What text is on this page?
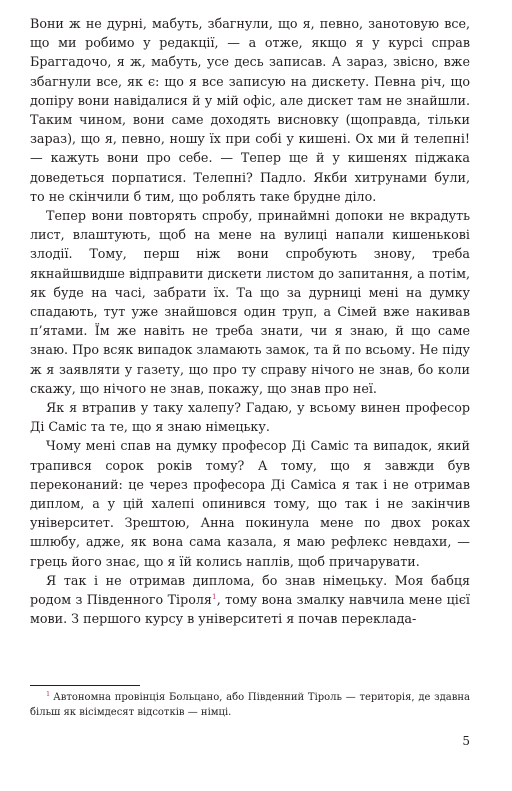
Вони ж не дурні, мабуть, збагнули, що я, певно, занотовую все, що ми робимо у редакції, — а отже, якщо я у курсі справ Браггадочо, я ж, мабуть, усе десь записав. А зараз, звісно, вже збагнули все, як є: що я все записую на дискету. Певна річ, що допіру вони навідалися й у мій офіс, але дискет там не знайшли. Таким чином, вони саме доходять висновку (щоправда, тільки зараз), що я, певно, ношу їх при собі у кишені. Ох ми й телепні! — кажуть вони про себе. — Тепер ще й у кишенях піджака доведеться порпатися. Телепні? Падло. Якби хитрунами були, то не скінчили б тим, що роблять таке брудне діло.

Тепер вони повторять спробу, принаймні допоки не вкрадуть лист, влаштують, щоб на мене на вулиці напали кишенькові злодії. Тому, перш ніж вони спробують знову, треба якнайшвидше відправити дискети листом до запитання, а потім, як буде на часі, забрати їх. Та що за дурниці мені на думку спадають, тут уже знайшовся один труп, а Сімей вже накивав п’ятами. Їм же навіть не треба знати, чи я знаю, й що саме знаю. Про всяк випадок зламають замок, та й по всьому. Не піду ж я заявляти у газету, що про ту справу нічого не знав, бо коли скажу, що нічого не знав, покажу, що знав про неї.

Як я втрапив у таку халепу? Гадаю, у всьому винен професор Ді Саміс та те, що я знаю німецьку.

Чому мені спав на думку професор Ді Саміс та випадок, який трапився сорок років тому? А тому, що я завжди був переконаний: це через професора Ді Саміса я так і не отримав диплом, а у цій халепі опинився тому, що так і не закінчив університет. Зрештою, Анна покинула мене по двох роках шлюбу, адже, як вона сама казала, я маю рефлекс невдахи, — грець його знає, що я їй колись наплів, щоб причарувати.

Я так і не отримав диплома, бо знав німецьку. Моя бабця родом з Південного Тіроля$^1$, тому вона змалку навчила мене цієї мови. З першого курсу в університеті я почав переклада-

$^1$ Автономна провінція Больцано, або Південний Тіроль — територія, де здавна більш як вісімдесят відсотків — німці.

5
